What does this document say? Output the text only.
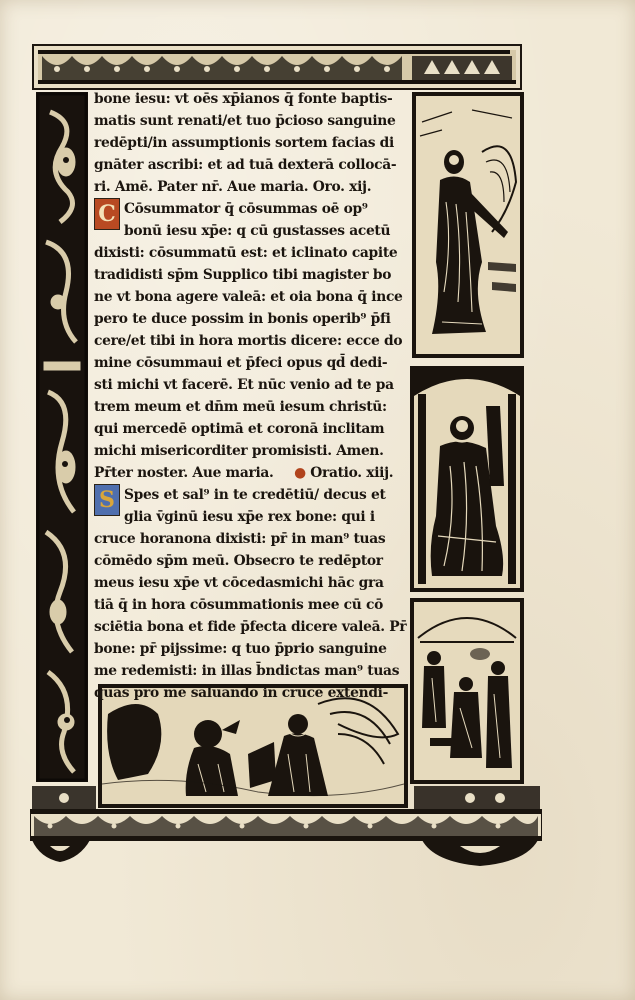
bone iesu: vt oēs xp̄ianos q̄ fonte baptis-
matis sunt renati/et tuo p̄cioso sanguine
redēpti/in assumptionis sortem facias di
gnāter ascribi: et ad tuā dexterā collocā-
ri. Amē. Pater nr̄. Aue maria. Oro. xij.
C Cōsummator q̄ cōsummas oē op⁹
bonū iesu xp̄e: q cū gustasses acetū
dixisti: cōsummatū est: et iclinato capite
tradidisti sp̄m Supplico tibi magister bo
ne vt bona agere valeā: et oia bona q̄ ince
pero te duce possim in bonis operib⁹ p̄fi
cere/et tibi in hora mortis dicere: ecce do
mine cōsummaui et p̄feci opus qd̄ dedi-
sti michi vt facerē. Et nūc venio ad te pa
trem meum et dn̄m meū iesum christū:
qui mercedē optimā et coronā inclitam
michi misericorditer promisisti. Amen.
Pr̄ter noster. Aue maria. ● Oratio. xiij.
S Spes et sal⁹ in te credētiū/ decus et
glia v̄ginū iesu xp̄e rex bone: qui i
cruce horanona dixisti: pr̄ in man⁹ tuas
cōmēdo sp̄m meū. Obsecro te redēptor
meus iesu xp̄e vt cōcedasmichi hāc gra
tiā q̄ in hora cōsummationis mee cū cō
sciētia bona et fide p̄fecta dicere valeā. Pr̄
bone: pr̄ pijssime: q tuo p̄prio sanguine
me redemisti: in illas b̄ndictas man⁹ tuas
quas pro me saluando in cruce extendi-
